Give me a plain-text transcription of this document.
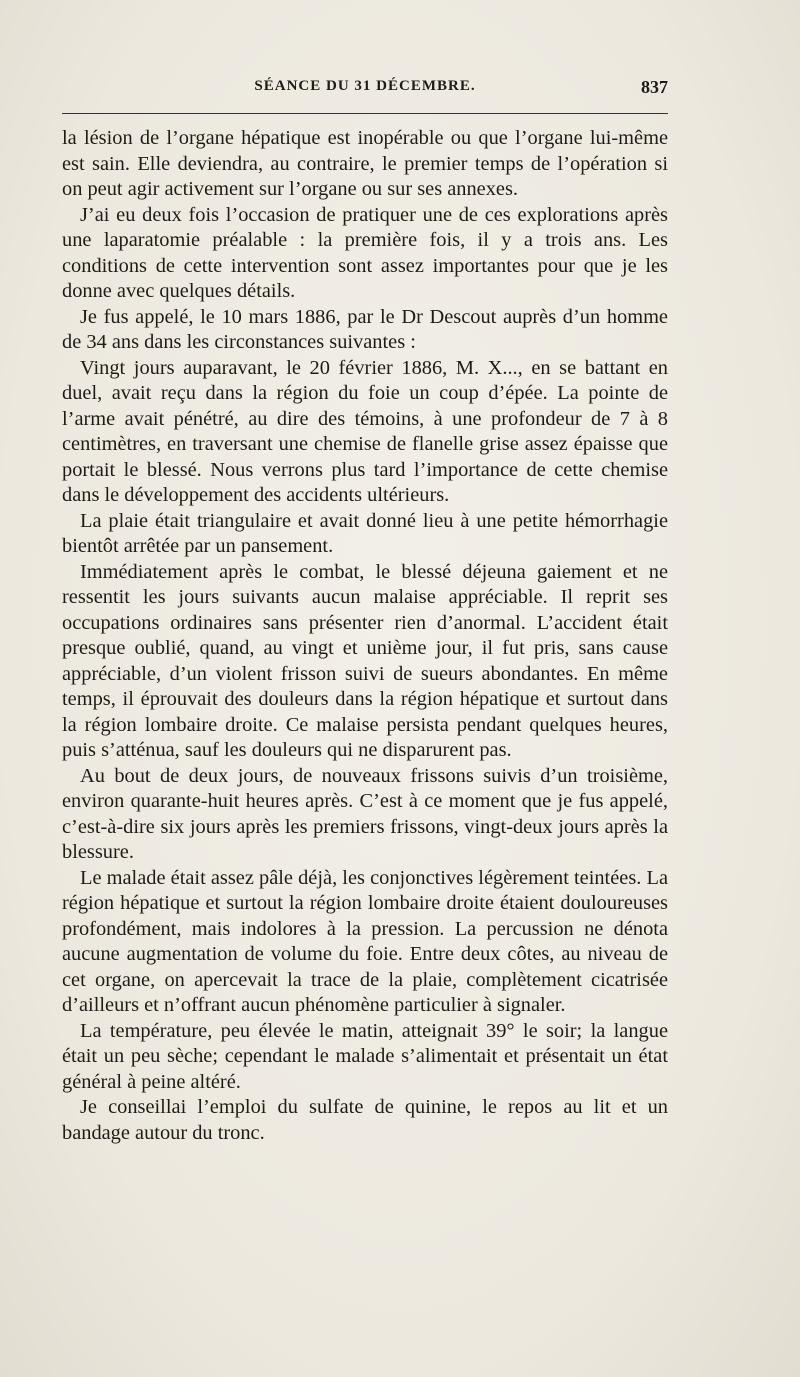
SÉANCE DU 31 DÉCEMBRE.	837

la lésion de l’organe hépatique est inopérable ou que l’organe lui-même est sain. Elle deviendra, au contraire, le premier temps de l’opération si on peut agir activement sur l’organe ou sur ses annexes.

J’ai eu deux fois l’occasion de pratiquer une de ces explorations après une laparatomie préalable : la première fois, il y a trois ans. Les conditions de cette intervention sont assez importantes pour que je les donne avec quelques détails.

Je fus appelé, le 10 mars 1886, par le Dr Descout auprès d’un homme de 34 ans dans les circonstances suivantes :

Vingt jours auparavant, le 20 février 1886, M. X..., en se battant en duel, avait reçu dans la région du foie un coup d’épée. La pointe de l’arme avait pénétré, au dire des témoins, à une profondeur de 7 à 8 centimètres, en traversant une chemise de flanelle grise assez épaisse que portait le blessé. Nous verrons plus tard l’importance de cette chemise dans le développement des accidents ultérieurs.

La plaie était triangulaire et avait donné lieu à une petite hémorrhagie bientôt arrêtée par un pansement.

Immédiatement après le combat, le blessé déjeuna gaiement et ne ressentit les jours suivants aucun malaise appréciable. Il reprit ses occupations ordinaires sans présenter rien d’anormal. L’accident était presque oublié, quand, au vingt et unième jour, il fut pris, sans cause appréciable, d’un violent frisson suivi de sueurs abondantes. En même temps, il éprouvait des douleurs dans la région hépatique et surtout dans la région lombaire droite. Ce malaise persista pendant quelques heures, puis s’atténua, sauf les douleurs qui ne disparurent pas.

Au bout de deux jours, de nouveaux frissons suivis d’un troisième, environ quarante-huit heures après. C’est à ce moment que je fus appelé, c’est-à-dire six jours après les premiers frissons, vingt-deux jours après la blessure.

Le malade était assez pâle déjà, les conjonctives légèrement teintées. La région hépatique et surtout la région lombaire droite étaient douloureuses profondément, mais indolores à la pression. La percussion ne dénota aucune augmentation de volume du foie. Entre deux côtes, au niveau de cet organe, on apercevait la trace de la plaie, complètement cicatrisée d’ailleurs et n’offrant aucun phénomène particulier à signaler.

La température, peu élevée le matin, atteignait 39° le soir; la langue était un peu sèche; cependant le malade s’alimentait et présentait un état général à peine altéré.

Je conseillai l’emploi du sulfate de quinine, le repos au lit et un bandage autour du tronc.
